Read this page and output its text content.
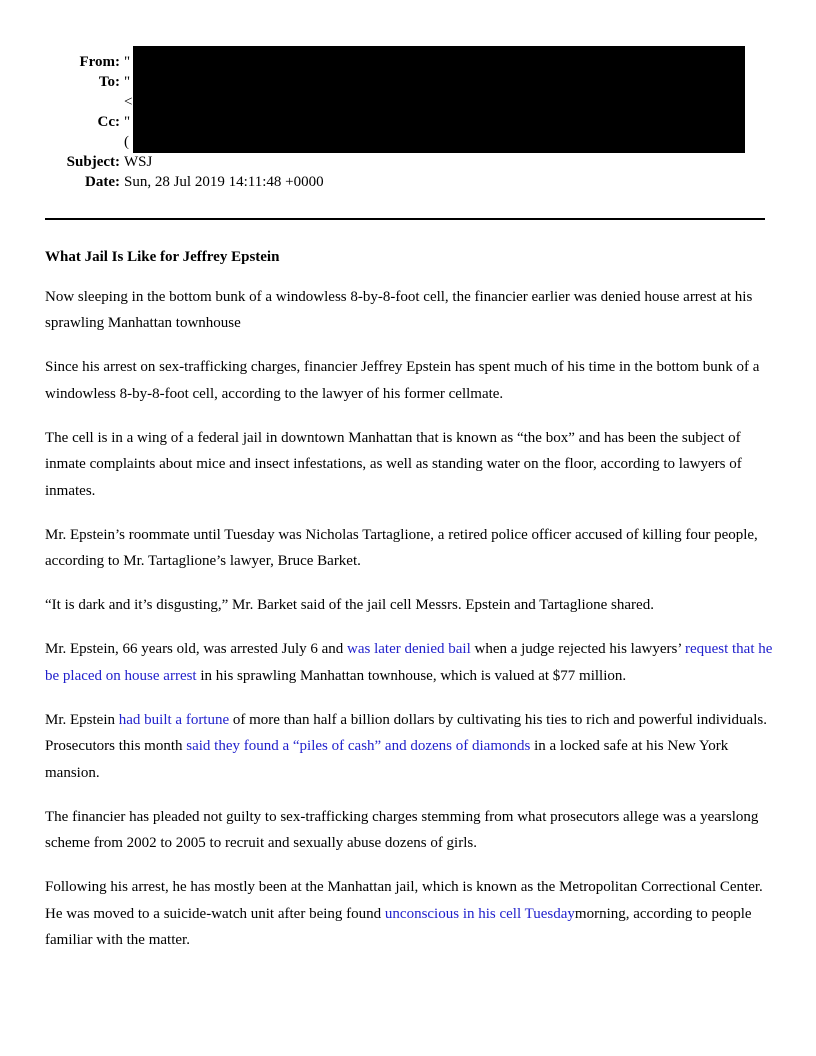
From: "
To: "
<
Cc: "
(
Subject: WSJ
Date: Sun, 28 Jul 2019 14:11:48 +0000
What Jail Is Like for Jeffrey Epstein

Now sleeping in the bottom bunk of a windowless 8-by-8-foot cell, the financier earlier was denied house arrest at his sprawling Manhattan townhouse

Since his arrest on sex-trafficking charges, financier Jeffrey Epstein has spent much of his time in the bottom bunk of a windowless 8-by-8-foot cell, according to the lawyer of his former cellmate.

The cell is in a wing of a federal jail in downtown Manhattan that is known as “the box” and has been the subject of inmate complaints about mice and insect infestations, as well as standing water on the floor, according to lawyers of inmates.

Mr. Epstein’s roommate until Tuesday was Nicholas Tartaglione, a retired police officer accused of killing four people, according to Mr. Tartaglione’s lawyer, Bruce Barket.

“It is dark and it’s disgusting,” Mr. Barket said of the jail cell Messrs. Epstein and Tartaglione shared.

Mr. Epstein, 66 years old, was arrested July 6 and was later denied bail when a judge rejected his lawyers’ request that he be placed on house arrest in his sprawling Manhattan townhouse, which is valued at $77 million.

Mr. Epstein had built a fortune of more than half a billion dollars by cultivating his ties to rich and powerful individuals. Prosecutors this month said they found a “piles of cash” and dozens of diamonds in a locked safe at his New York mansion.

The financier has pleaded not guilty to sex-trafficking charges stemming from what prosecutors allege was a yearslong scheme from 2002 to 2005 to recruit and sexually abuse dozens of girls.

Following his arrest, he has mostly been at the Manhattan jail, which is known as the Metropolitan Correctional Center. He was moved to a suicide-watch unit after being found unconscious in his cell Tuesdaymorning, according to people familiar with the matter.
